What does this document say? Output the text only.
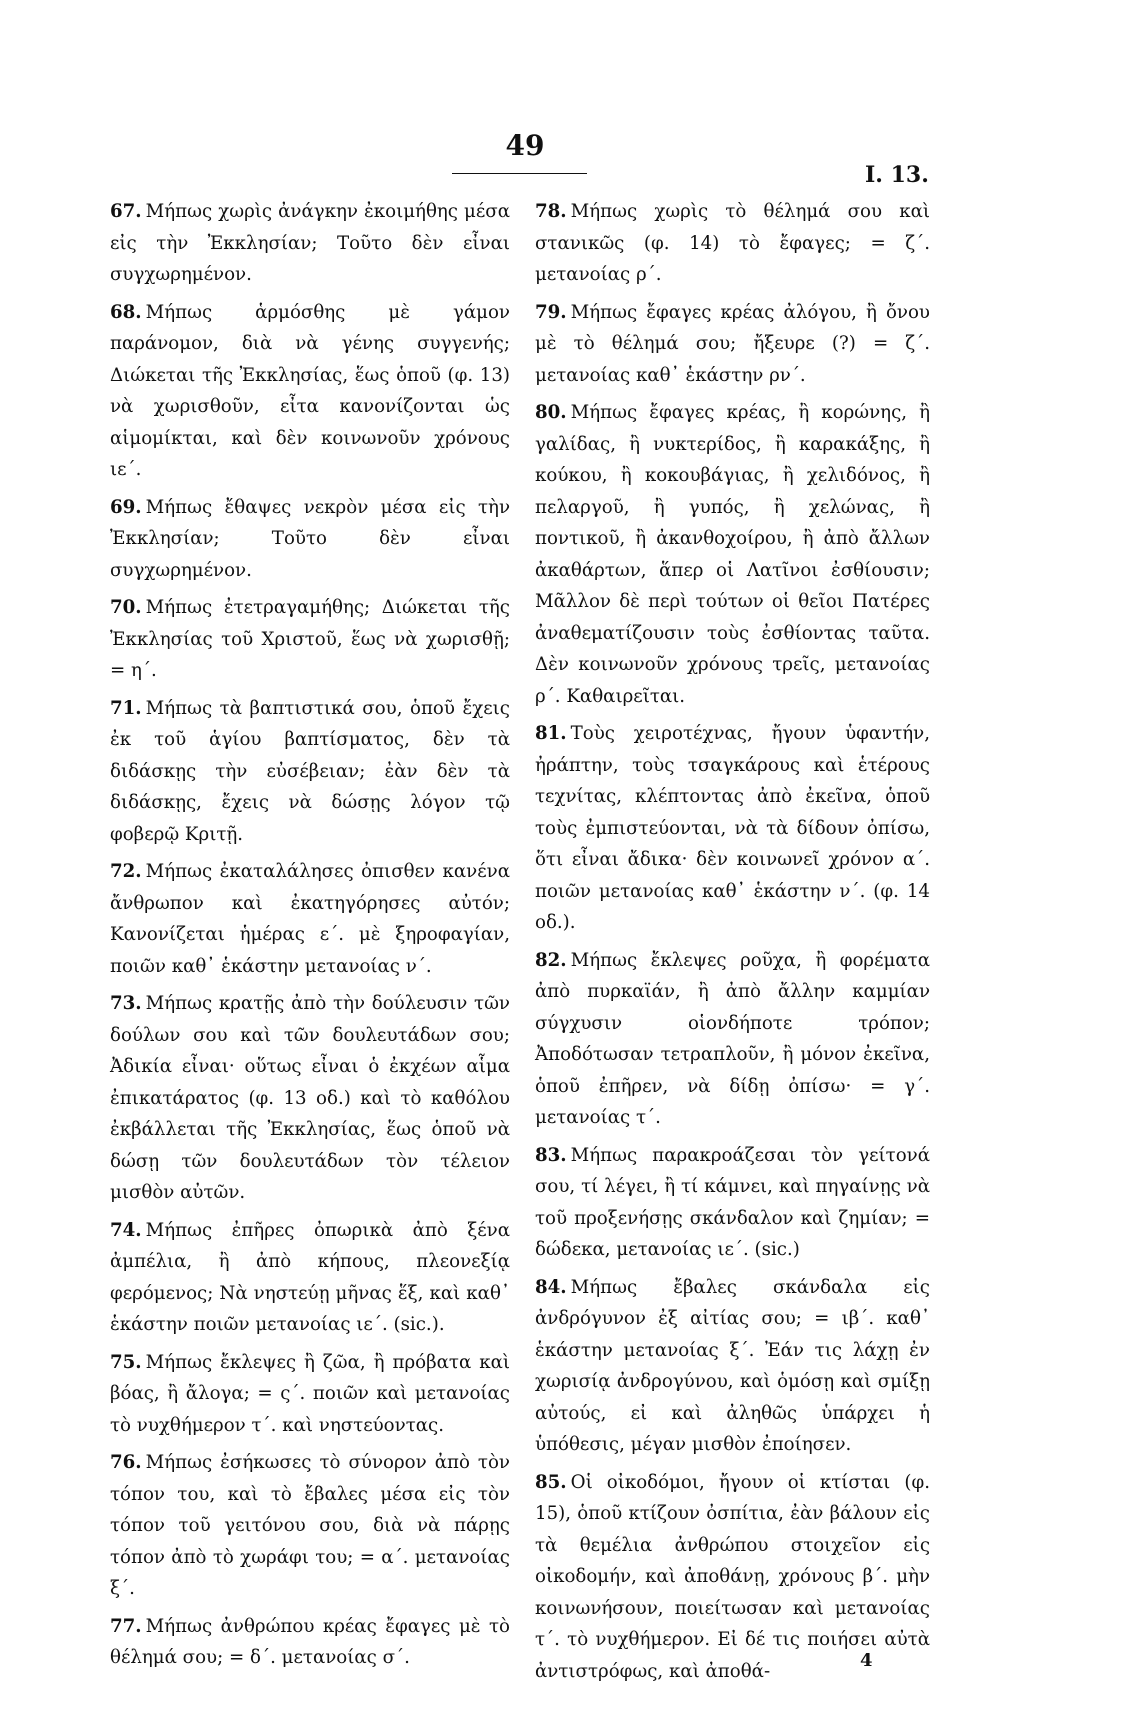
49
I. 13.

67. Μήπως χωρὶς ἀνάγκην ἐκοιμήθης μέσα εἰς τὴν Ἐκκλησίαν; Τοῦτο δὲν εἶναι συγχωρημένον.

68. Μήπως ἁρμόσθης μὲ γάμον παράνομον, διὰ νὰ γένης συγγενής; Διώκεται τῆς Ἐκκλησίας, ἕως ὁποῦ (φ. 13) νὰ χωρισθοῦν, εἶτα κανονίζονται ὡς αἱμομίκται, καὶ δὲν κοινωνοῦν χρόνους ιε΄.

69. Μήπως ἔθαψες νεκρὸν μέσα εἰς τὴν Ἐκκλησίαν; Τοῦτο δὲν εἶναι συγχωρημένον.

70. Μήπως ἐτετραγαμήθης; Διώκεται τῆς Ἐκκλησίας τοῦ Χριστοῦ, ἕως νὰ χωρισθῇ; = η΄.

71. Μήπως τὰ βαπτιστικά σου, ὁποῦ ἔχεις ἐκ τοῦ ἁγίου βαπτίσματος, δὲν τὰ διδάσκῃς τὴν εὐσέβειαν; ἐὰν δὲν τὰ διδάσκῃς, ἔχεις νὰ δώσῃς λόγον τῷ φοβερῷ Κριτῇ.

72. Μήπως ἐκαταλάλησες ὀπισθεν κανένα ἄνθρωπον καὶ ἐκατηγόρησες αὐτόν; Κανονίζεται ἡμέρας ε΄. μὲ ξηροφαγίαν, ποιῶν καθ᾽ ἑκάστην μετανοίας ν΄.

73. Μήπως κρατῇς ἀπὸ τὴν δούλευσιν τῶν δούλων σου καὶ τῶν δουλευτάδων σου; Ἀδικία εἶναι· οὕτως εἶναι ὁ ἐκχέων αἷμα ἐπικατάρατος (φ. 13 οδ.) καὶ τὸ καθόλου ἐκβάλλεται τῆς Ἐκκλησίας, ἕως ὁποῦ νὰ δώσῃ τῶν δουλευτάδων τὸν τέλειον μισθὸν αὐτῶν.

74. Μήπως ἐπῆρες ὀπωρικὰ ἀπὸ ξένα ἀμπέλια, ἢ ἀπὸ κήπους, πλεονεξίᾳ φερόμενος; Νὰ νηστεύῃ μῆνας ἕξ, καὶ καθ᾽ ἑκάστην ποιῶν μετανοίας ιε΄. (sic.).

75. Μήπως ἔκλεψες ἢ ζῶα, ἢ πρόβατα καὶ βόας, ἢ ἄλογα; = ς΄. ποιῶν καὶ μετανοίας τὸ νυχθήμερον τ΄. καὶ νηστεύοντας.

76. Μήπως ἐσήκωσες τὸ σύνορον ἀπὸ τὸν τόπον του, καὶ τὸ ἔβαλες μέσα εἰς τὸν τόπον τοῦ γειτόνου σου, διὰ νὰ πάρῃς τόπον ἀπὸ τὸ χωράφι του; = α΄. μετανοίας ξ΄.

77. Μήπως ἀνθρώπου κρέας ἔφαγες μὲ τὸ θέλημά σου; = δ΄. μετανοίας σ΄.

78. Μήπως χωρὶς τὸ θέλημά σου καὶ στανικῶς (φ. 14) τὸ ἔφαγες; = ζ΄. μετανοίας ρ΄.

79. Μήπως ἔφαγες κρέας ἀλόγου, ἢ ὄνου μὲ τὸ θέλημά σου; ἤξευρε (?) = ζ΄. μετανοίας καθ᾽ ἑκάστην ρν΄.

80. Μήπως ἔφαγες κρέας, ἢ κορώνης, ἢ γαλίδας, ἢ νυκτερίδος, ἢ καρακάξης, ἢ κούκου, ἢ κοκουβάγιας, ἢ χελιδόνος, ἢ πελαργοῦ, ἢ γυπός, ἢ χελώνας, ἢ ποντικοῦ, ἢ ἀκανθοχοίρου, ἢ ἀπὸ ἄλλων ἀκαθάρτων, ἅπερ οἱ Λατῖνοι ἐσθίουσιν; Μᾶλλον δὲ περὶ τούτων οἱ θεῖοι Πατέρες ἀναθεματίζουσιν τοὺς ἐσθίοντας ταῦτα. Δὲν κοινωνοῦν χρόνους τρεῖς, μετανοίας ρ΄. Καθαιρεῖται.

81. Τοὺς χειροτέχνας, ἤγουν ὑφαντήν, ἠράπτην, τοὺς τσαγκάρους καὶ ἑτέρους τεχνίτας, κλέπτοντας ἀπὸ ἐκεῖνα, ὁποῦ τοὺς ἐμπιστεύονται, νὰ τὰ δίδουν ὀπίσω, ὅτι εἶναι ἄδικα· δὲν κοινωνεῖ χρόνον α΄. ποιῶν μετανοίας καθ᾽ ἑκάστην ν΄. (φ. 14 οδ.).

82. Μήπως ἔκλεψες ροῦχα, ἢ φορέματα ἀπὸ πυρκαϊάν, ἢ ἀπὸ ἄλλην καμμίαν σύγχυσιν οἱονδήποτε τρόπον; Ἀποδότωσαν τετραπλοῦν, ἢ μόνον ἐκεῖνα, ὁποῦ ἐπῆρεν, νὰ δίδῃ ὀπίσω· = γ΄. μετανοίας τ΄.

83. Μήπως παρακροάζεσαι τὸν γείτονά σου, τί λέγει, ἢ τί κάμνει, καὶ πηγαίνῃς νὰ τοῦ προξενήσῃς σκάνδαλον καὶ ζημίαν; = δώδεκα, μετανοίας ιε΄. (sic.)

84. Μήπως ἔβαλες σκάνδαλα εἰς ἀνδρόγυνον ἐξ αἰτίας σου; = ιβ΄. καθ᾽ ἑκάστην μετανοίας ξ΄. Ἐάν τις λάχῃ ἐν χωρισίᾳ ἀνδρογύνου, καὶ ὁμόσῃ καὶ σμίξῃ αὐτούς, εἰ καὶ ἀληθῶς ὑπάρχει ἡ ὑπόθεσις, μέγαν μισθὸν ἐποίησεν.

85. Οἱ οἰκοδόμοι, ἤγουν οἱ κτίσται (φ. 15), ὁποῦ κτίζουν ὀσπίτια, ἐὰν βάλουν εἰς τὰ θεμέλια ἀνθρώπου στοιχεῖον εἰς οἰκοδομήν, καὶ ἀποθάνῃ, χρόνους β΄. μὴν κοινωνήσουν, ποιείτωσαν καὶ μετανοίας τ΄. τὸ νυχθήμερον. Εἰ δέ τις ποιήσει αὐτὰ ἀντιστρόφως, καὶ ἀποθά-	4
